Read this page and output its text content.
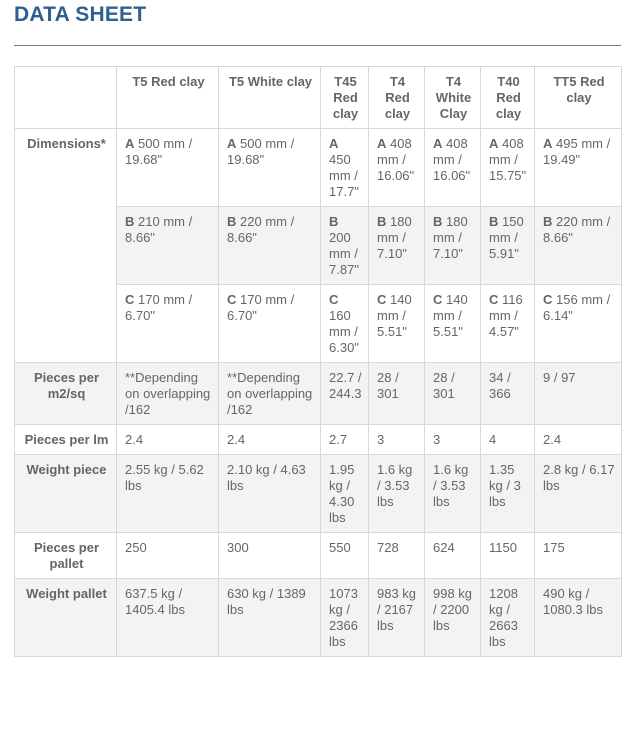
DATA SHEET
	T5 Red clay	T5 White clay	T45 Red clay	T4 Red clay	T4 White Clay	T40 Red clay	TT5 Red clay
Dimensions*	A 500 mm / 19.68"	A 500 mm / 19.68"	A 450 mm / 17.7"	A 408 mm / 16.06"	A 408 mm / 16.06"	A 408 mm / 15.75"	A 495 mm / 19.49"
	B 210 mm / 8.66"	B 220 mm / 8.66"	B 200 mm / 7.87"	B 180 mm / 7.10"	B 180 mm / 7.10"	B 150 mm / 5.91"	B 220 mm / 8.66"
	C 170 mm / 6.70"	C 170 mm / 6.70"	C 160 mm / 6.30"	C 140 mm / 5.51"	C 140 mm / 5.51"	C 116 mm / 4.57"	C 156 mm / 6.14"
Pieces per m2/sq	**Depending on overlapping /162	**Depending on overlapping /162	22.7 / 244.3	28 / 301	28 / 301	34 / 366	9 / 97
Pieces per lm	2.4	2.4	2.7	3	3	4	2.4
Weight piece	2.55 kg / 5.62 lbs	2.10 kg / 4.63 lbs	1.95 kg / 4.30 lbs	1.6 kg / 3.53 lbs	1.6 kg / 3.53 lbs	1.35 kg / 3 lbs	2.8 kg / 6.17 lbs
Pieces per pallet	250	300	550	728	624	1150	175
Weight pallet	637.5 kg / 1405.4 lbs	630 kg / 1389 lbs	1073 kg / 2366 lbs	983 kg / 2167 lbs	998 kg / 2200 lbs	1208 kg / 2663 lbs	490 kg / 1080.3 lbs
